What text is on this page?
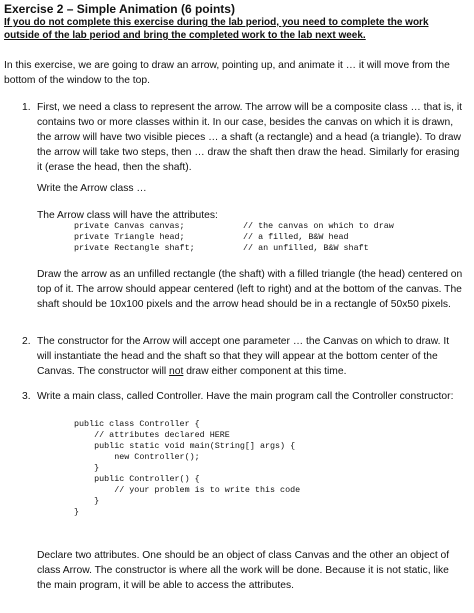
Exercise 2 – Simple Animation (6 points)
If you do not complete this exercise during the lab period, you need to complete the work outside of the lab period and bring the completed work to the lab next week.
In this exercise, we are going to draw an arrow, pointing up, and animate it … it will move from the bottom of the window to the top.
1. First, we need a class to represent the arrow. The arrow will be a composite class … that is, it contains two or more classes within it. In our case, besides the canvas on which it is drawn, the arrow will have two visible pieces … a shaft (a rectangle) and a head (a triangle). To draw the arrow will take two steps, then … draw the shaft then draw the head. Similarly for erasing it (erase the head, then the shaft).
Write the Arrow class …
The Arrow class will have the attributes:
private Canvas canvas;	// the canvas on which to draw
private Triangle head;	// a filled, B&W head
private Rectangle shaft;	// an unfilled, B&W shaft
Draw the arrow as an unfilled rectangle (the shaft) with a filled triangle (the head) centered on top of it. The arrow should appear centered (left to right) and at the bottom of the canvas. The shaft should be 10x100 pixels and the arrow head should be in a rectangle of 50x50 pixels.
2. The constructor for the Arrow will accept one parameter … the Canvas on which to draw. It will instantiate the head and the shaft so that they will appear at the bottom center of the Canvas. The constructor will not draw either component at this time.
3. Write a main class, called Controller. Have the main program call the Controller constructor:
public class Controller {
// attributes declared HERE
public static void main(String[] args) {
new Controller();
}
public Controller() {
// your problem is to write this code
}
}
Declare two attributes. One should be an object of class Canvas and the other an object of class Arrow. The constructor is where all the work will be done. Because it is not static, like the main program, it will be able to access the attributes.
